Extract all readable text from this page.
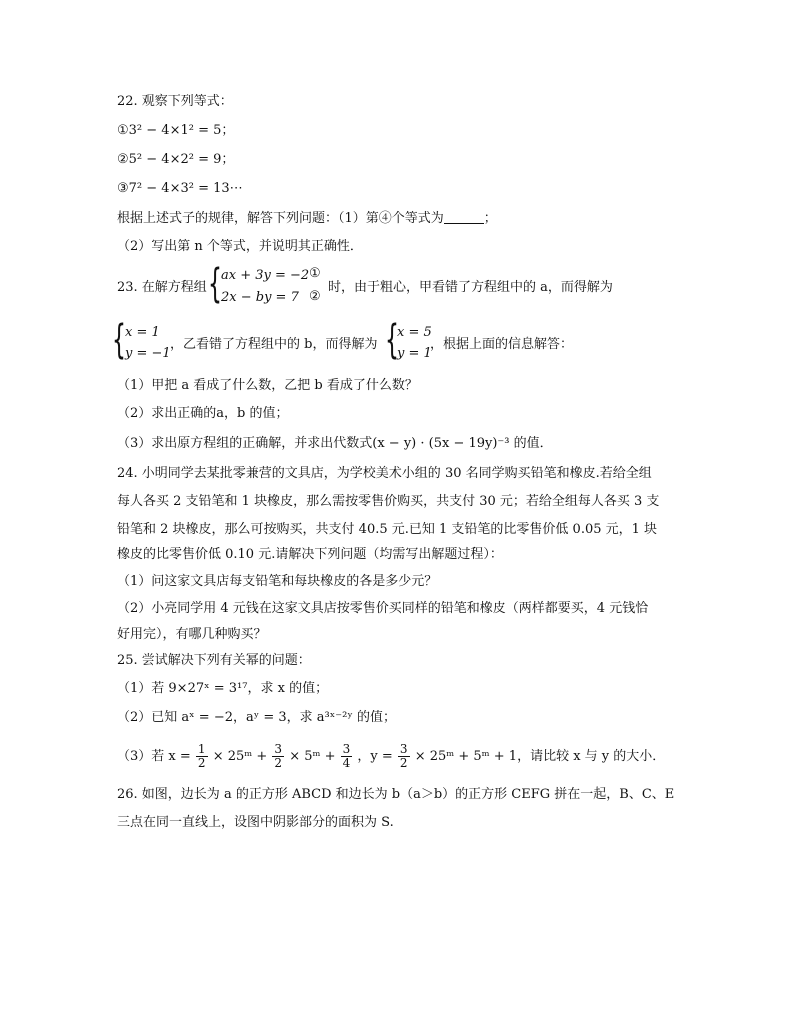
22. 观察下列等式：
①3² − 4×1² = 5；
②5² − 4×2² = 9；
③7² − 4×3² = 13⋯
根据上述式子的规律，解答下列问题：（1）第④个等式为	；
（2）写出第 n 个等式，并说明其正确性．
23. 在解方程组 { ax + 3y = −2
2x − by = 7
①
②
时，由于粗心，甲看错了方程组中的 a，而得解为
{ x = 1
y = −1
，乙看错了方程组中的 b，而得解为 {
x = 5
y = 1
，根据上面的信息解答：
（1）甲把 a 看成了什么数，乙把 b 看成了什么数？
（2）求出正确的a，b 的值；
（3）求出原方程组的正确解，并求出代数式(x − y) · (5x − 19y)⁻³ 的值．
24. 小明同学去某批零兼营的文具店，为学校美术小组的 30 名同学购买铅笔和橡皮.若给全组
每人各买 2 支铅笔和 1 块橡皮，那么需按零售价购买，共支付 30 元；若给全组每人各买 3 支
铅笔和 2 块橡皮，那么可按购买，共支付 40.5 元.已知 1 支铅笔的比零售价低 0.05 元，1 块
橡皮的比零售价低 0.10 元.请解决下列问题（均需写出解题过程）：
（1）问这家文具店每支铅笔和每块橡皮的各是多少元？
（2）小亮同学用 4 元钱在这家文具店按零售价买同样的铅笔和橡皮（两样都要买，4 元钱恰
好用完），有哪几种购买？
25. 尝试解决下列有关幂的问题：
（1）若 9×27ˣ = 3¹⁷，求 x 的值；
（2）已知 aˣ = −2，aʸ = 3，求 a³ˣ⁻²ʸ 的值；
（3）若 $x = \frac{1}{2}$ × 25ᵐ + $\frac{3}{2}$ × 5ᵐ + $\frac{3}{4}$ ，$y = \frac{3}{2}$ × 25ᵐ + 5ᵐ + 1，请比较 x 与 y 的大小．
26. 如图，边长为 a 的正方形 ABCD 和边长为 b（a＞b）的正方形 CEFG 拼在一起，B、C、E
三点在同一直线上，设图中阴影部分的面积为 S.
